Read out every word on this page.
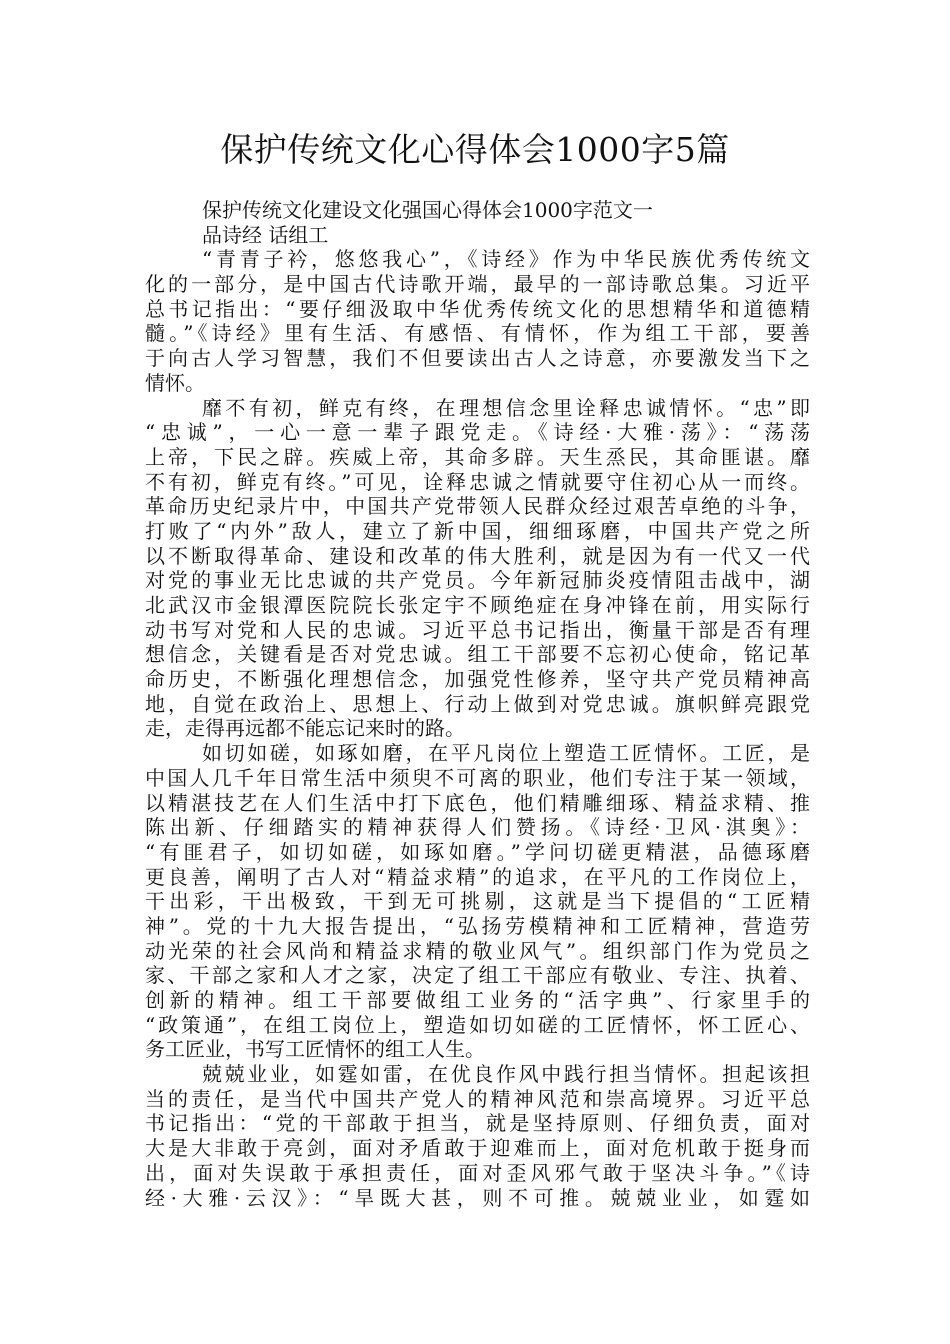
保护传统文化心得体会1000字5篇
保护传统文化建设文化强国心得体会1000字范文一
品诗经 话组工
“青青子衿，悠悠我心”，《诗经》作为中华民族优秀传统文
化的一部分，是中国古代诗歌开端，最早的一部诗歌总集。习近平
总书记指出：“要仔细汲取中华优秀传统文化的思想精华和道德精
髓。”《诗经》里有生活、有感悟、有情怀，作为组工干部，要善
于向古人学习智慧，我们不但要读出古人之诗意，亦要激发当下之
情怀。
靡不有初，鲜克有终，在理想信念里诠释忠诚情怀。“忠”即
“忠诚”，一心一意一辈子跟党走。《诗经·大雅·荡》：“荡荡
上帝，下民之辟。疾威上帝，其命多辟。天生烝民，其命匪谌。靡
不有初，鲜克有终。”可见，诠释忠诚之情就要守住初心从一而终。
革命历史纪录片中，中国共产党带领人民群众经过艰苦卓绝的斗争，
打败了“内外”敌人，建立了新中国，细细琢磨，中国共产党之所
以不断取得革命、建设和改革的伟大胜利，就是因为有一代又一代
对党的事业无比忠诚的共产党员。今年新冠肺炎疫情阻击战中，湖
北武汉市金银潭医院院长张定宇不顾绝症在身冲锋在前，用实际行
动书写对党和人民的忠诚。习近平总书记指出，衡量干部是否有理
想信念，关键看是否对党忠诚。组工干部要不忘初心使命，铭记革
命历史，不断强化理想信念，加强党性修养，坚守共产党员精神高
地，自觉在政治上、思想上、行动上做到对党忠诚。旗帜鲜亮跟党
走，走得再远都不能忘记来时的路。
如切如磋，如琢如磨，在平凡岗位上塑造工匠情怀。工匠，是
中国人几千年日常生活中须臾不可离的职业，他们专注于某一领域，
以精湛技艺在人们生活中打下底色，他们精雕细琢、精益求精、推
陈出新、仔细踏实的精神获得人们赞扬。《诗经·卫风·淇奥》：
“有匪君子，如切如磋，如琢如磨。”学问切磋更精湛，品德琢磨
更良善，阐明了古人对“精益求精”的追求，在平凡的工作岗位上，
干出彩，干出极致，干到无可挑剔，这就是当下提倡的“工匠精
神”。党的十九大报告提出，“弘扬劳模精神和工匠精神，营造劳
动光荣的社会风尚和精益求精的敬业风气”。组织部门作为党员之
家、干部之家和人才之家，决定了组工干部应有敬业、专注、执着、
创新的精神。组工干部要做组工业务的“活字典”、行家里手的
“政策通”，在组工岗位上，塑造如切如磋的工匠情怀，怀工匠心、
务工匠业，书写工匠情怀的组工人生。
兢兢业业，如霆如雷，在优良作风中践行担当情怀。担起该担
当的责任，是当代中国共产党人的精神风范和崇高境界。习近平总
书记指出：“党的干部敢于担当，就是坚持原则、仔细负责，面对
大是大非敢于亮剑，面对矛盾敢于迎难而上，面对危机敢于挺身而
出，面对失误敢于承担责任，面对歪风邪气敢于坚决斗争。”《诗
经·大雅·云汉》：“旱既大甚，则不可推。兢兢业业，如霆如
